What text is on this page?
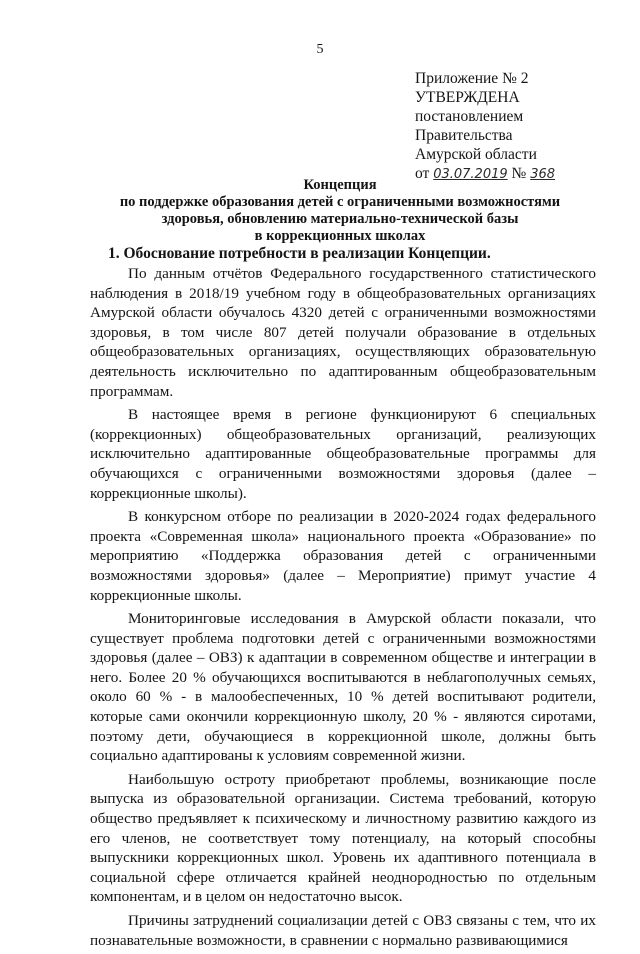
5
Приложение № 2
УТВЕРЖДЕНА
постановлением
Правительства
Амурской области
от 03.07.2019 № 368
Концепция
по поддержке образования детей с ограниченными возможностями
здоровья, обновлению материально-технической базы
в коррекционных школах
1. Обоснование потребности в реализации Концепции.

По данным отчётов Федерального государственного статистического наблюдения в 2018/19 учебном году в общеобразовательных организациях Амурской области обучалось 4320 детей с ограниченными возможностями здоровья, в том числе 807 детей получали образование в отдельных общеобразовательных организациях, осуществляющих образовательную деятельность исключительно по адаптированным общеобразовательным программам.

В настоящее время в регионе функционируют 6 специальных (коррекционных) общеобразовательных организаций, реализующих исключительно адаптированные общеобразовательные программы для обучающихся с ограниченными возможностями здоровья (далее – коррекционные школы).

В конкурсном отборе по реализации в 2020-2024 годах федерального проекта «Современная школа» национального проекта «Образование» по мероприятию «Поддержка образования детей с ограниченными возможностями здоровья» (далее – Мероприятие) примут участие 4 коррекционные школы.

Мониторинговые исследования в Амурской области показали, что существует проблема подготовки детей с ограниченными возможностями здоровья (далее – ОВЗ) к адаптации в современном обществе и интеграции в него. Более 20 % обучающихся воспитываются в неблагополучных семьях, около 60 % - в малообеспеченных, 10 % детей воспитывают родители, которые сами окончили коррекционную школу, 20 % - являются сиротами, поэтому дети, обучающиеся в коррекционной школе, должны быть социально адаптированы к условиям современной жизни.

Наибольшую остроту приобретают проблемы, возникающие после выпуска из образовательной организации. Система требований, которую общество предъявляет к психическому и личностному развитию каждого из его членов, не соответствует тому потенциалу, на который способны выпускники коррекционных школ. Уровень их адаптивного потенциала в социальной сфере отличается крайней неоднородностью по отдельным компонентам, и в целом он недостаточно высок.

Причины затруднений социализации детей с ОВЗ связаны с тем, что их познавательные возможности, в сравнении с нормально развивающимися
